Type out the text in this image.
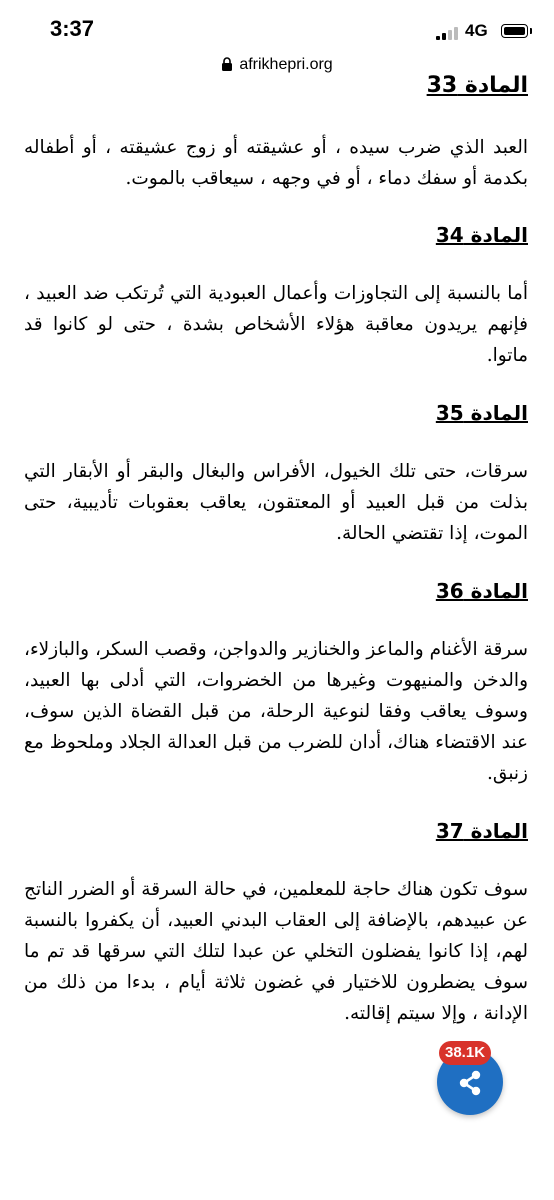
3:37	4G
afrikhepri.org
المادة 33

العبد الذي ضرب سيده ، أو عشيقته أو زوج عشيقته ، أو أطفاله بكدمة أو سفك دماء ، أو في وجهه ، سيعاقب بالموت.

المادة 34

أما بالنسبة إلى التجاوزات وأعمال العبودية التي تُرتكب ضد العبيد ، فإنهم يريدون معاقبة هؤلاء الأشخاص بشدة ، حتى لو كانوا قد ماتوا.

المادة 35

سرقات، حتى تلك الخيول، الأفراس والبغال والبقر أو الأبقار التي بذلت من قبل العبيد أو المعتقون، يعاقب بعقوبات تأديبية، حتى الموت، إذا تقتضي الحالة.

المادة 36

سرقة الأغنام والماعز والخنازير والدواجن، وقصب السكر، والبازلاء، والدخن والمنيهوت وغيرها من الخضروات، التي أدلى بها العبيد، وسوف يعاقب وفقا لنوعية الرحلة، من قبل القضاة الذين سوف، عند الاقتضاء هناك، أدان للضرب من قبل العدالة الجلاد وملحوظ مع زنبق.

المادة 37

سوف تكون هناك حاجة للمعلمين، في حالة السرقة أو الضرر الناتج عن عبيدهم، بالإضافة إلى العقاب البدني العبيد، أن يكفروا بالنسبة لهم، إذا كانوا يفضلون التخلي عن عبدا لتلك التي سرقها قد تم ما سوف يضطرون للاختيار في غضون ثلاثة أيام ، بدءا من ذلك من الإدانة ، وإلا سيتم إقالته.

38.1K
